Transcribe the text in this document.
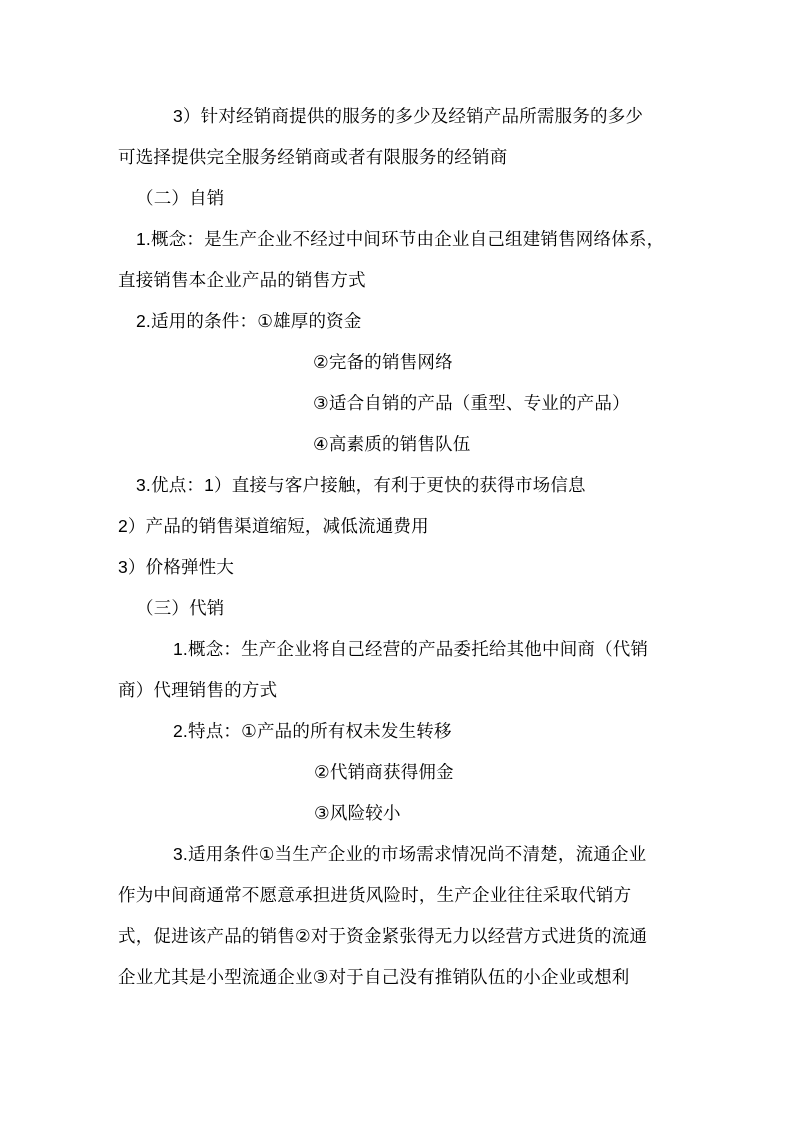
3）针对经销商提供的服务的多少及经销产品所需服务的多少

可选择提供完全服务经销商或者有限服务的经销商

（二）自销

1.概念：是生产企业不经过中间环节由企业自己组建销售网络体系，

直接销售本企业产品的销售方式

2.适用的条件：①雄厚的资金

②完备的销售网络

③适合自销的产品（重型、专业的产品）

④高素质的销售队伍

3.优点：1）直接与客户接触，有利于更快的获得市场信息

2）产品的销售渠道缩短，减低流通费用

3）价格弹性大

（三）代销

1.概念：生产企业将自己经营的产品委托给其他中间商（代销

商）代理销售的方式

2.特点：①产品的所有权未发生转移

②代销商获得佣金

③风险较小

3.适用条件①当生产企业的市场需求情况尚不清楚，流通企业

作为中间商通常不愿意承担进货风险时，生产企业往往采取代销方

式，促进该产品的销售②对于资金紧张得无力以经营方式进货的流通

企业尤其是小型流通企业③对于自己没有推销队伍的小企业或想利
